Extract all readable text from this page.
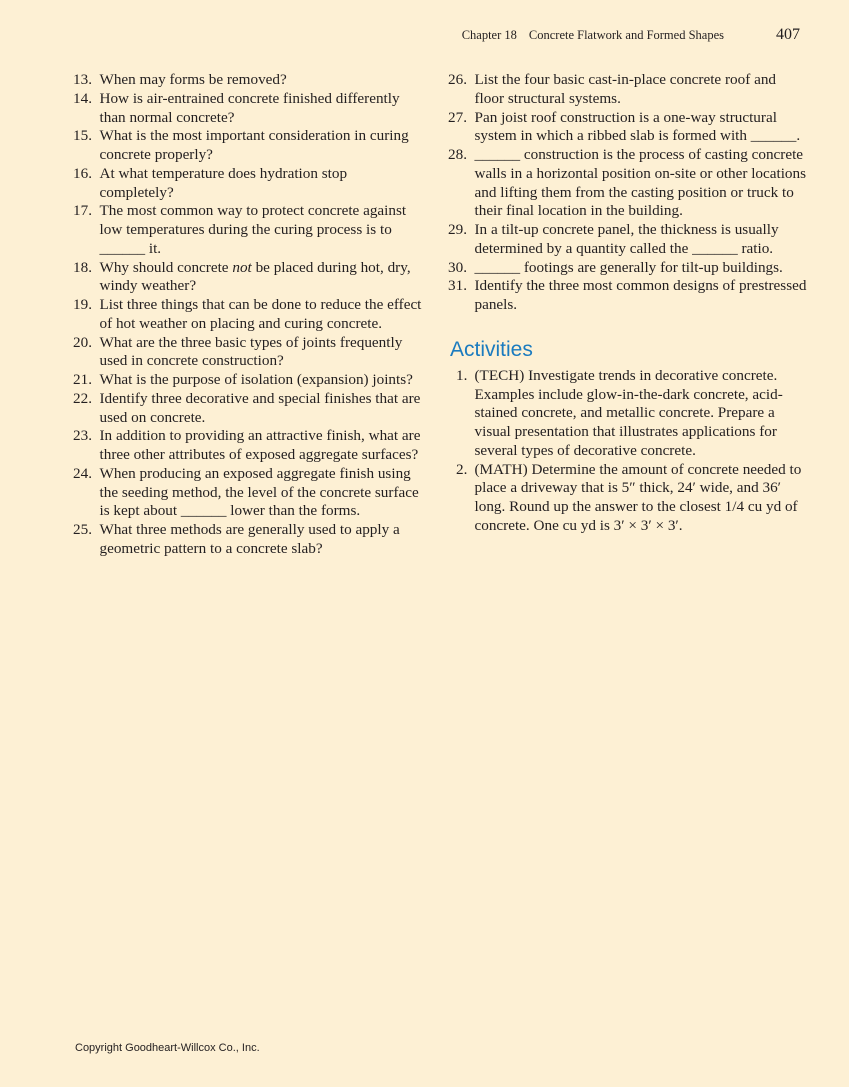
Chapter 18 Concrete Flatwork and Formed Shapes	407
13. When may forms be removed?
14. How is air-entrained concrete finished differently than normal concrete?
15. What is the most important consideration in curing concrete properly?
16. At what temperature does hydration stop completely?
17. The most common way to protect concrete against low temperatures during the curing process is to ______ it.
18. Why should concrete not be placed during hot, dry, windy weather?
19. List three things that can be done to reduce the effect of hot weather on placing and curing concrete.
20. What are the three basic types of joints frequently used in concrete construction?
21. What is the purpose of isolation (expansion) joints?
22. Identify three decorative and special finishes that are used on concrete.
23. In addition to providing an attractive finish, what are three other attributes of exposed aggregate surfaces?
24. When producing an exposed aggregate finish using the seeding method, the level of the concrete surface is kept about ______ lower than the forms.
25. What three methods are generally used to apply a geometric pattern to a concrete slab?
26. List the four basic cast-in-place concrete roof and floor structural systems.
27. Pan joist roof construction is a one-way structural system in which a ribbed slab is formed with ______.
28. ______ construction is the process of casting concrete walls in a horizontal position on-site or other locations and lifting them from the casting position or truck to their final location in the building.
29. In a tilt-up concrete panel, the thickness is usually determined by a quantity called the ______ ratio.
30. ______ footings are generally for tilt-up buildings.
31. Identify the three most common designs of prestressed panels.
Activities
1. (TECH) Investigate trends in decorative concrete. Examples include glow-in-the-dark concrete, acid-stained concrete, and metallic concrete. Prepare a visual presentation that illustrates applications for several types of decorative concrete.
2. (MATH) Determine the amount of concrete needed to place a driveway that is 5″ thick, 24′ wide, and 36′ long. Round up the answer to the closest 1/4 cu yd of concrete. One cu yd is 3′ × 3′ × 3′.
Copyright Goodheart-Willcox Co., Inc.
